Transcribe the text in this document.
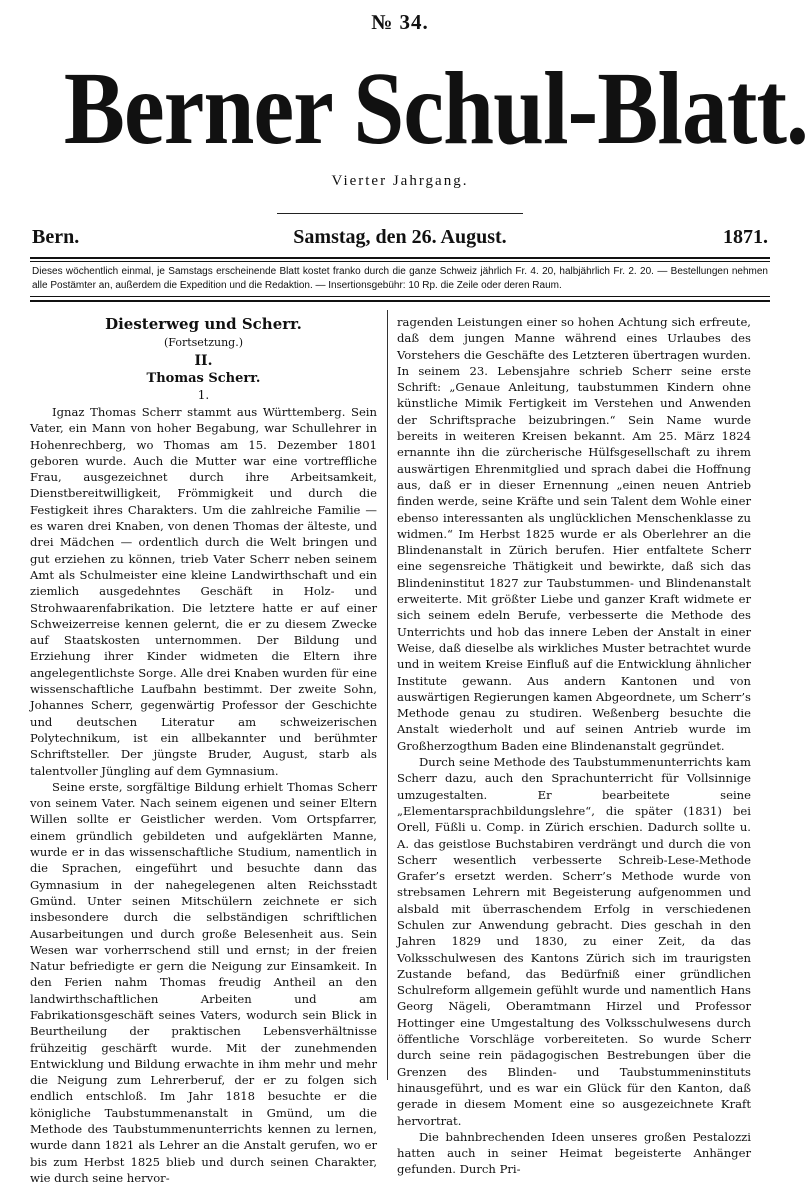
№ 34.
Berner Schul-Blatt.
Vierter Jahrgang.
Bern.	Samstag, den 26. August.	1871.
Dieses wöchentlich einmal, je Samstags erscheinende Blatt kostet franko durch die ganze Schweiz jährlich Fr. 4. 20, halbjährlich Fr. 2. 20. — Bestellungen nehmen alle Postämter an, außerdem die Expedition und die Redaktion. — Insertionsgebühr: 10 Rp. die Zeile oder deren Raum.
Diesterweg und Scherr.
(Fortsetzung.)
II.
Thomas Scherr.
1.

Ignaz Thomas Scherr stammt aus Württemberg. Sein Vater, ein Mann von hoher Begabung, war Schullehrer in Hohenrechberg, wo Thomas am 15. Dezember 1801 geboren wurde. Auch die Mutter war eine vortreffliche Frau, ausgezeichnet durch ihre Arbeitsamkeit, Dienstbereitwilligkeit, Frömmigkeit und durch die Festigkeit ihres Charakters. Um die zahlreiche Familie — es waren drei Knaben, von denen Thomas der älteste, und drei Mädchen — ordentlich durch die Welt bringen und gut erziehen zu können, trieb Vater Scherr neben seinem Amt als Schulmeister eine kleine Landwirthschaft und ein ziemlich ausgedehntes Geschäft in Holz- und Strohwaarenfabrikation. Die letztere hatte er auf einer Schweizerreise kennen gelernt, die er zu diesem Zwecke auf Staatskosten unternommen. Der Bildung und Erziehung ihrer Kinder widmeten die Eltern ihre angelegentlichste Sorge. Alle drei Knaben wurden für eine wissenschaftliche Laufbahn bestimmt. Der zweite Sohn, Johannes Scherr, gegenwärtig Professor der Geschichte und deutschen Literatur am schweizerischen Polytechnikum, ist ein allbekannter und berühmter Schriftsteller. Der jüngste Bruder, August, starb als talentvoller Jüngling auf dem Gymnasium.

Seine erste, sorgfältige Bildung erhielt Thomas Scherr von seinem Vater. Nach seinem eigenen und seiner Eltern Willen sollte er Geistlicher werden. Vom Ortspfarrer, einem gründlich gebildeten und aufgeklärten Manne, wurde er in das wissenschaftliche Studium, namentlich in die Sprachen, eingeführt und besuchte dann das Gymnasium in der nahegelegenen alten Reichsstadt Gmünd. Unter seinen Mitschülern zeichnete er sich insbesondere durch die selbständigen schriftlichen Ausarbeitungen und durch große Belesenheit aus. Sein Wesen war vorherrschend still und ernst; in der freien Natur befriedigte er gern die Neigung zur Einsamkeit. In den Ferien nahm Thomas freudig Antheil an den landwirthschaftlichen Arbeiten und am Fabrikationsgeschäft seines Vaters, wodurch sein Blick in Beurtheilung der praktischen Lebensverhältnisse frühzeitig geschärft wurde. Mit der zunehmenden Entwicklung und Bildung erwachte in ihm mehr und mehr die Neigung zum Lehrerberuf, der er zu folgen sich endlich entschloß. Im Jahr 1818 besuchte er die königliche Taubstummenanstalt in Gmünd, um die Methode des Taubstummenunterrichts kennen zu lernen, wurde dann 1821 als Lehrer an die Anstalt gerufen, wo er bis zum Herbst 1825 blieb und durch seinen Charakter, wie durch seine hervor-

ragenden Leistungen einer so hohen Achtung sich erfreute, daß dem jungen Manne während eines Urlaubes des Vorstehers die Geschäfte des Letzteren übertragen wurden. In seinem 23. Lebensjahre schrieb Scherr seine erste Schrift: „Genaue Anleitung, taubstummen Kindern ohne künstliche Mimik Fertigkeit im Verstehen und Anwenden der Schriftsprache beizubringen.“ Sein Name wurde bereits in weiteren Kreisen bekannt. Am 25. März 1824 ernannte ihn die zürcherische Hülfsgesellschaft zu ihrem auswärtigen Ehrenmitglied und sprach dabei die Hoffnung aus, daß er in dieser Ernennung „einen neuen Antrieb finden werde, seine Kräfte und sein Talent dem Wohle einer ebenso interessanten als unglücklichen Menschenklasse zu widmen.“ Im Herbst 1825 wurde er als Oberlehrer an die Blindenanstalt in Zürich berufen. Hier entfaltete Scherr eine segensreiche Thätigkeit und bewirkte, daß sich das Blindeninstitut 1827 zur Taubstummen- und Blindenanstalt erweiterte. Mit größter Liebe und ganzer Kraft widmete er sich seinem edeln Berufe, verbesserte die Methode des Unterrichts und hob das innere Leben der Anstalt in einer Weise, daß dieselbe als wirkliches Muster betrachtet wurde und in weitem Kreise Einfluß auf die Entwicklung ähnlicher Institute gewann. Aus andern Kantonen und von auswärtigen Regierungen kamen Abgeordnete, um Scherr’s Methode genau zu studiren. Weßenberg besuchte die Anstalt wiederholt und auf seinen Antrieb wurde im Großherzogthum Baden eine Blindenanstalt gegründet.

Durch seine Methode des Taubstummenunterrichts kam Scherr dazu, auch den Sprachunterricht für Vollsinnige umzugestalten. Er bearbeitete seine „Elementarsprachbildungslehre“, die später (1831) bei Orell, Füßli u. Comp. in Zürich erschien. Dadurch sollte u. A. das geistlose Buchstabiren verdrängt und durch die von Scherr wesentlich verbesserte Schreib-Lese-Methode Grafer’s ersetzt werden. Scherr’s Methode wurde von strebsamen Lehrern mit Begeisterung aufgenommen und alsbald mit überraschendem Erfolg in verschiedenen Schulen zur Anwendung gebracht. Dies geschah in den Jahren 1829 und 1830, zu einer Zeit, da das Volksschulwesen des Kantons Zürich sich im traurigsten Zustande befand, das Bedürfniß einer gründlichen Schulreform allgemein gefühlt wurde und namentlich Hans Georg Nägeli, Oberamtmann Hirzel und Professor Hottinger eine Umgestaltung des Volksschulwesens durch öffentliche Vorschläge vorbereiteten. So wurde Scherr durch seine rein pädagogischen Bestrebungen über die Grenzen des Blinden- und Taubstummeninstituts hinausgeführt, und es war ein Glück für den Kanton, daß gerade in diesem Moment eine so ausgezeichnete Kraft hervortrat.

Die bahnbrechenden Ideen unseres großen Pestalozzi hatten auch in seiner Heimat begeisterte Anhänger gefunden. Durch Pri-
